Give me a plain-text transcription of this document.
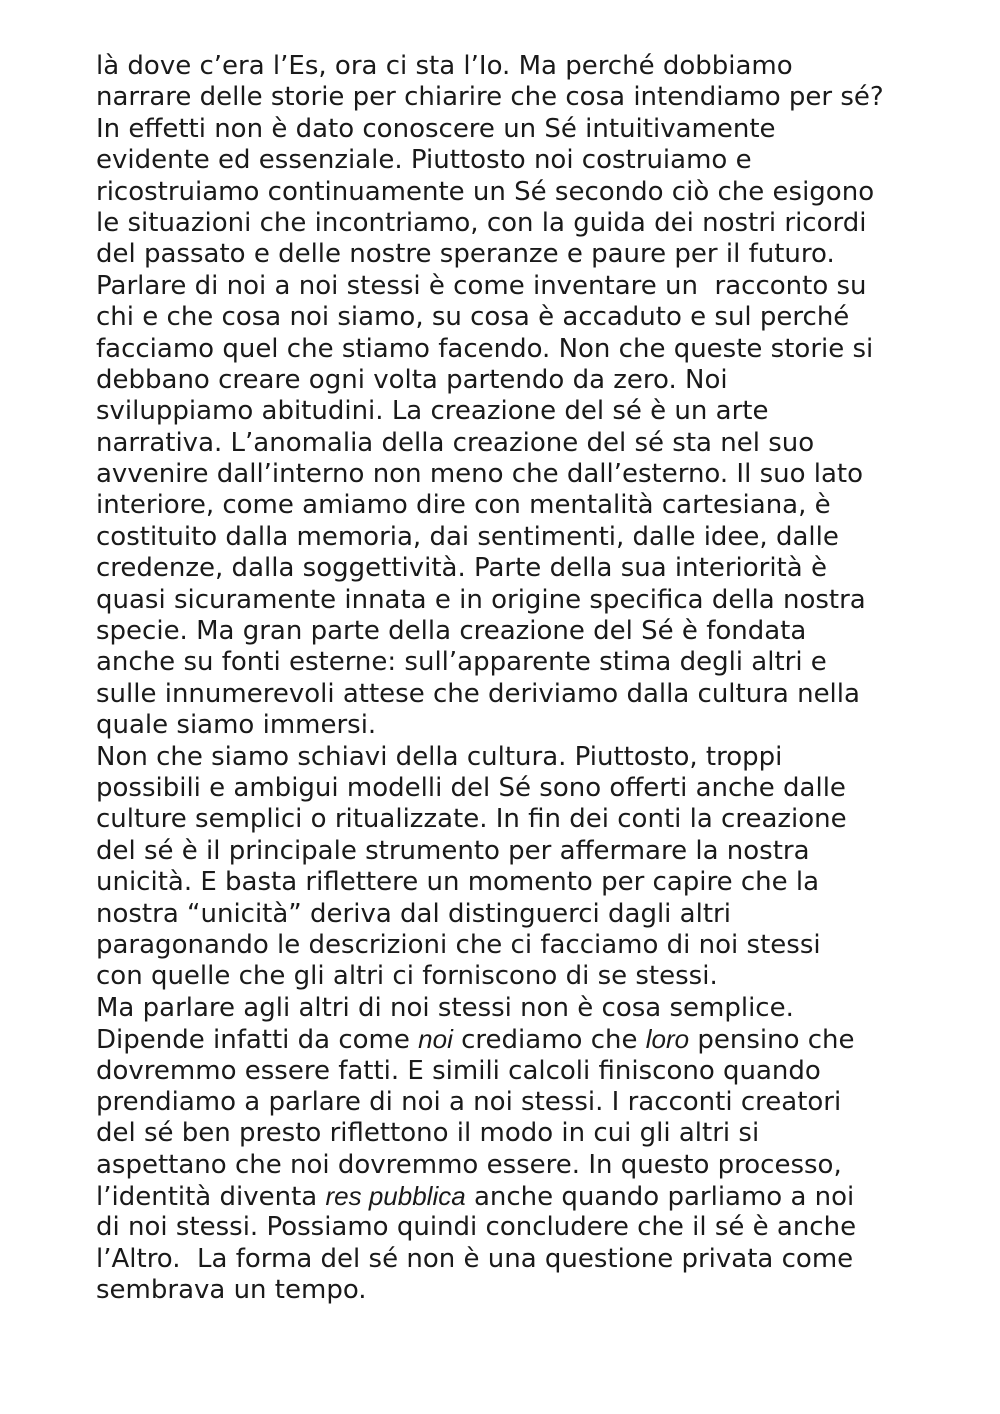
là dove c’era l’Es, ora ci sta l’Io. Ma perché dobbiamo
narrare delle storie per chiarire che cosa intendiamo per sé?
In effetti non è dato conoscere un Sé intuitivamente
evidente ed essenziale. Piuttosto noi costruiamo e
ricostruiamo continuamente un Sé secondo ciò che esigono
le situazioni che incontriamo, con la guida dei nostri ricordi
del passato e delle nostre speranze e paure per il futuro.
Parlare di noi a noi stessi è come inventare un  racconto su
chi e che cosa noi siamo, su cosa è accaduto e sul perché
facciamo quel che stiamo facendo. Non che queste storie si
debbano creare ogni volta partendo da zero. Noi
sviluppiamo abitudini. La creazione del sé è un arte
narrativa. L’anomalia della creazione del sé sta nel suo
avvenire dall’interno non meno che dall’esterno. Il suo lato
interiore, come amiamo dire con mentalità cartesiana, è
costituito dalla memoria, dai sentimenti, dalle idee, dalle
credenze, dalla soggettività. Parte della sua interiorità è
quasi sicuramente innata e in origine specifica della nostra
specie. Ma gran parte della creazione del Sé è fondata
anche su fonti esterne: sull’apparente stima degli altri e
sulle innumerevoli attese che deriviamo dalla cultura nella
quale siamo immersi.
Non che siamo schiavi della cultura. Piuttosto, troppi
possibili e ambigui modelli del Sé sono offerti anche dalle
culture semplici o ritualizzate. In fin dei conti la creazione
del sé è il principale strumento per affermare la nostra
unicità. E basta riflettere un momento per capire che la
nostra “unicità” deriva dal distinguerci dagli altri
paragonando le descrizioni che ci facciamo di noi stessi
con quelle che gli altri ci forniscono di se stessi.
Ma parlare agli altri di noi stessi non è cosa semplice.
Dipende infatti da come noi crediamo che loro pensino che
dovremmo essere fatti. E simili calcoli finiscono quando
prendiamo a parlare di noi a noi stessi. I racconti creatori
del sé ben presto riflettono il modo in cui gli altri si
aspettano che noi dovremmo essere. In questo processo,
l’identità diventa res pubblica anche quando parliamo a noi
di noi stessi. Possiamo quindi concludere che il sé è anche
l’Altro.  La forma del sé non è una questione privata come
sembrava un tempo.
